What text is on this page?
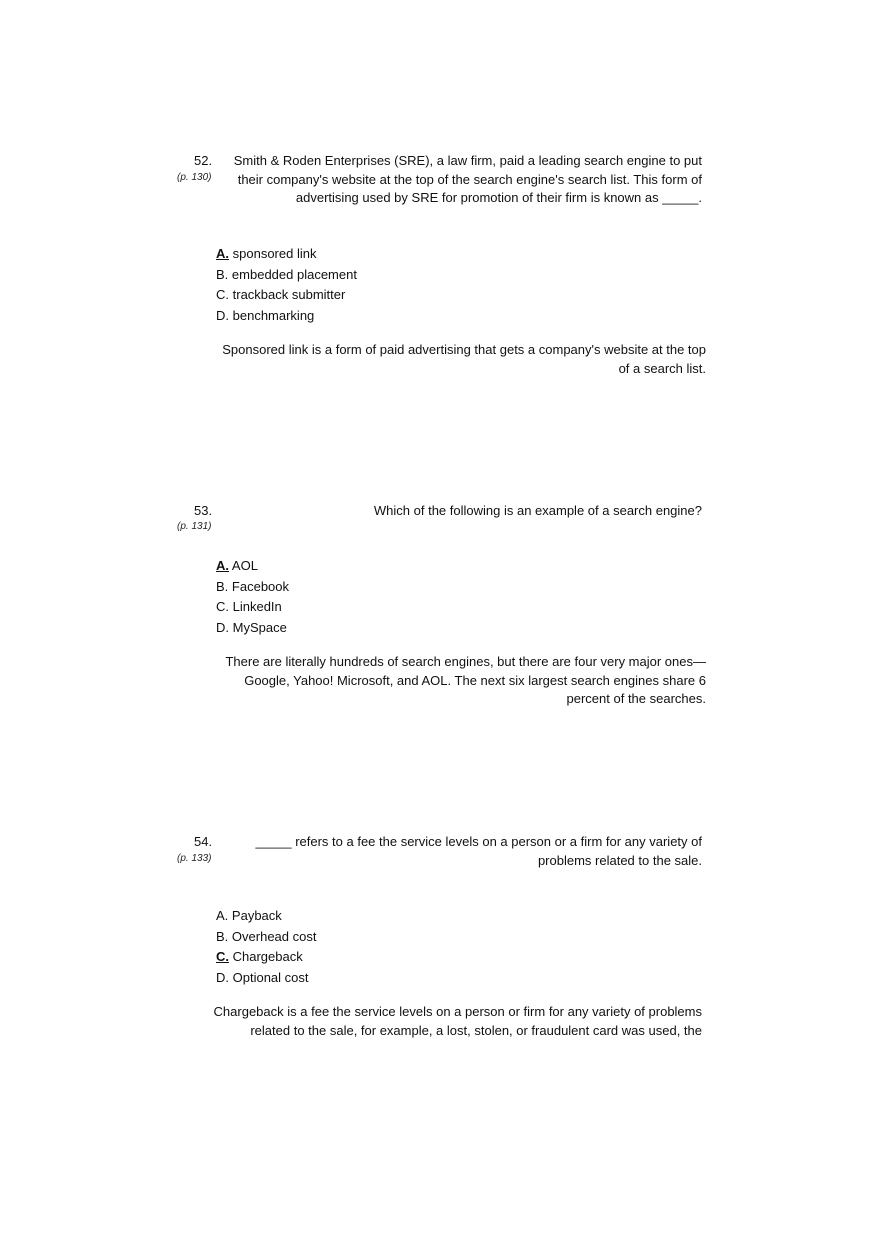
52.
(p. 130)
Smith & Roden Enterprises (SRE), a law firm, paid a leading search engine to put their company's website at the top of the search engine's search list. This form of advertising used by SRE for promotion of their firm is known as _____.
A. sponsored link
B. embedded placement
C. trackback submitter
D. benchmarking
Sponsored link is a form of paid advertising that gets a company's website at the top of a search list.
53.
(p. 131)
Which of the following is an example of a search engine?
A. AOL
B. Facebook
C. LinkedIn
D. MySpace
There are literally hundreds of search engines, but there are four very major ones—Google, Yahoo! Microsoft, and AOL. The next six largest search engines share 6 percent of the searches.
54.
(p. 133)
_____ refers to a fee the service levels on a person or a firm for any variety of problems related to the sale.
A. Payback
B. Overhead cost
C. Chargeback
D. Optional cost
Chargeback is a fee the service levels on a person or firm for any variety of problems related to the sale, for example, a lost, stolen, or fraudulent card was used, the
